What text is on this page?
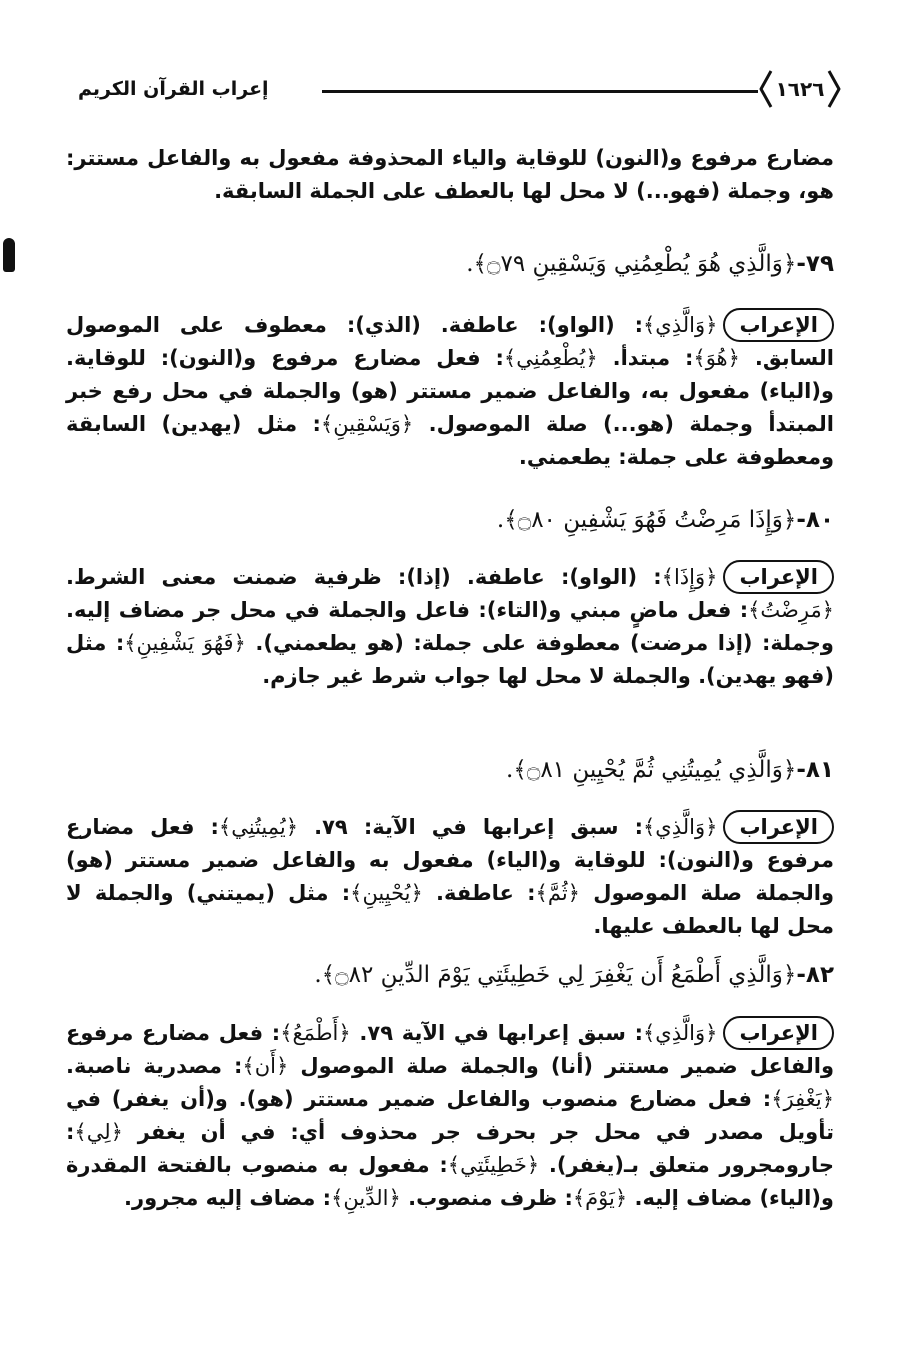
إعراب القرآن الكريم	١٦٢٦

مضارع مرفوع و(النون) للوقاية والياء المحذوفة مفعول به والفاعل مستتر: هو، وجملة (فهو...) لا محل لها بالعطف على الجملة السابقة.

٧٩-﴿وَالَّذِي هُوَ يُطْعِمُنِي وَيَسْقِينِ ۝٧٩﴾.

الإعراب﴿وَالَّذِي﴾: (الواو): عاطفة. (الذي): معطوف على الموصول السابق. ﴿هُوَ﴾: مبتدأ. ﴿يُطْعِمُنِي﴾: فعل مضارع مرفوع و(النون): للوقاية. و(الياء) مفعول به، والفاعل ضمير مستتر (هو) والجملة في محل رفع خبر المبتدأ وجملة (هو...) صلة الموصول. ﴿وَيَسْقِينِ﴾: مثل (يهدين) السابقة ومعطوفة على جملة: يطعمني.

٨٠-﴿وَإِذَا مَرِضْتُ فَهُوَ يَشْفِينِ ۝٨٠﴾.

الإعراب﴿وَإِذَا﴾: (الواو): عاطفة. (إذا): ظرفية ضمنت معنى الشرط. ﴿مَرِضْتُ﴾: فعل ماضٍ مبني و(التاء): فاعل والجملة في محل جر مضاف إليه. وجملة: (إذا مرضت) معطوفة على جملة: (هو يطعمني). ﴿فَهُوَ يَشْفِينِ﴾: مثل (فهو يهدين). والجملة لا محل لها جواب شرط غير جازم.

٨١-﴿وَالَّذِي يُمِيتُنِي ثُمَّ يُحْيِينِ ۝٨١﴾.

الإعراب﴿وَالَّذِي﴾: سبق إعرابها في الآية: ٧٩. ﴿يُمِيتُنِي﴾: فعل مضارع مرفوع و(النون): للوقاية و(الياء) مفعول به والفاعل ضمير مستتر (هو) والجملة صلة الموصول ﴿ثُمَّ﴾: عاطفة. ﴿يُحْيِينِ﴾: مثل (يميتني) والجملة لا محل لها بالعطف عليها.

٨٢-﴿وَالَّذِي أَطْمَعُ أَن يَغْفِرَ لِي خَطِيئَتِي يَوْمَ الدِّينِ ۝٨٢﴾.

الإعراب﴿وَالَّذِي﴾: سبق إعرابها في الآية ٧٩. ﴿أَطْمَعُ﴾: فعل مضارع مرفوع والفاعل ضمير مستتر (أنا) والجملة صلة الموصول ﴿أَن﴾: مصدرية ناصبة. ﴿يَغْفِرَ﴾: فعل مضارع منصوب والفاعل ضمير مستتر (هو). و(أن يغفر) في تأويل مصدر في محل جر بحرف جر محذوف أي: في أن يغفر ﴿لِي﴾: جارومجرور متعلق بـ(يغفر). ﴿خَطِيئَتِي﴾: مفعول به منصوب بالفتحة المقدرة و(الياء) مضاف إليه. ﴿يَوْمَ﴾: ظرف منصوب. ﴿الدِّينِ﴾: مضاف إليه مجرور.
